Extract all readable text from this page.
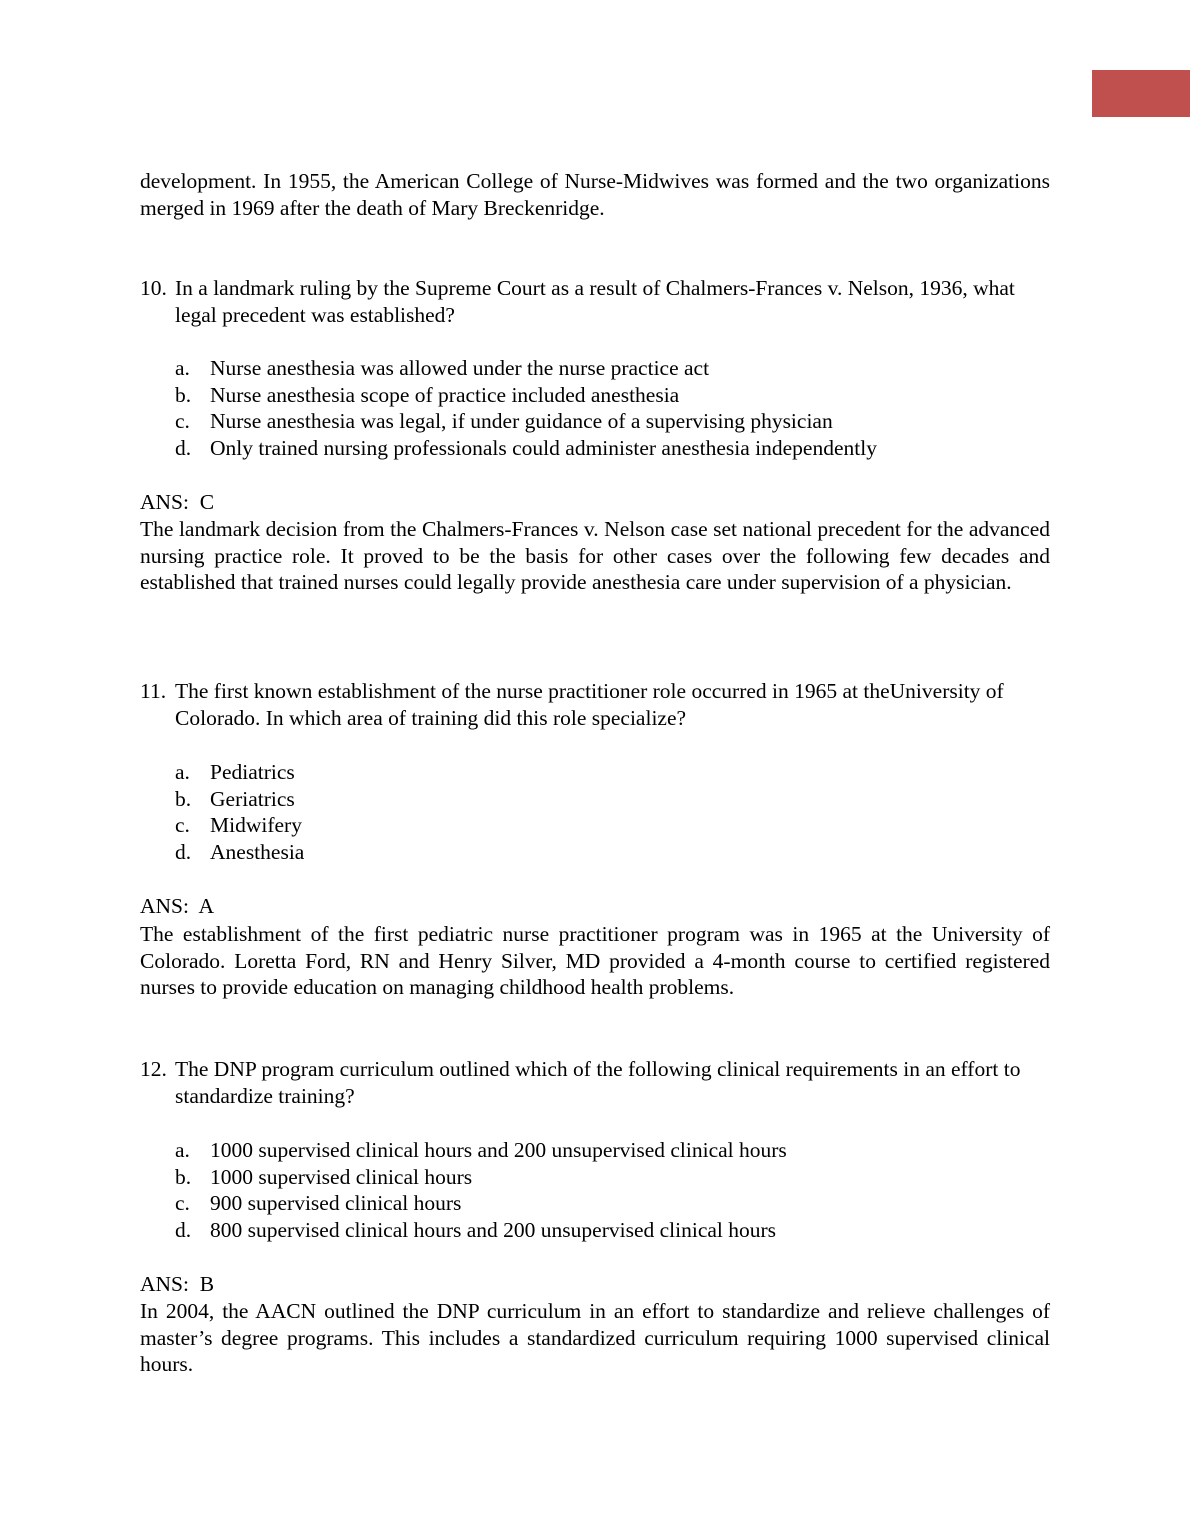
development. In 1955, the American College of Nurse-Midwives was formed and the two organizations merged in 1969 after the death of Mary Breckenridge.

10. In a landmark ruling by the Supreme Court as a result of Chalmers-Frances v. Nelson, 1936, what legal precedent was established?
a. Nurse anesthesia was allowed under the nurse practice act
b. Nurse anesthesia scope of practice included anesthesia
c. Nurse anesthesia was legal, if under guidance of a supervising physician
d. Only trained nursing professionals could administer anesthesia independently

ANS:  C

The landmark decision from the Chalmers-Frances v. Nelson case set national precedent for the advanced nursing practice role. It proved to be the basis for other cases over the following few decades and established that trained nurses could legally provide anesthesia care under supervision of a physician.

11. The first known establishment of the nurse practitioner role occurred in 1965 at theUniversity of Colorado. In which area of training did this role specialize?
a. Pediatrics
b. Geriatrics
c. Midwifery
d. Anesthesia

ANS:  A

The establishment of the first pediatric nurse practitioner program was in 1965 at the University of Colorado. Loretta Ford, RN and Henry Silver, MD provided a 4-month course to certified registered nurses to provide education on managing childhood health problems.

12. The DNP program curriculum outlined which of the following clinical requirements in an effort to standardize training?
a. 1000 supervised clinical hours and 200 unsupervised clinical hours
b. 1000 supervised clinical hours
c. 900 supervised clinical hours
d. 800 supervised clinical hours and 200 unsupervised clinical hours

ANS:  B

In 2004, the AACN outlined the DNP curriculum in an effort to standardize and relieve challenges of master’s degree programs. This includes a standardized curriculum requiring 1000 supervised clinical hours.
